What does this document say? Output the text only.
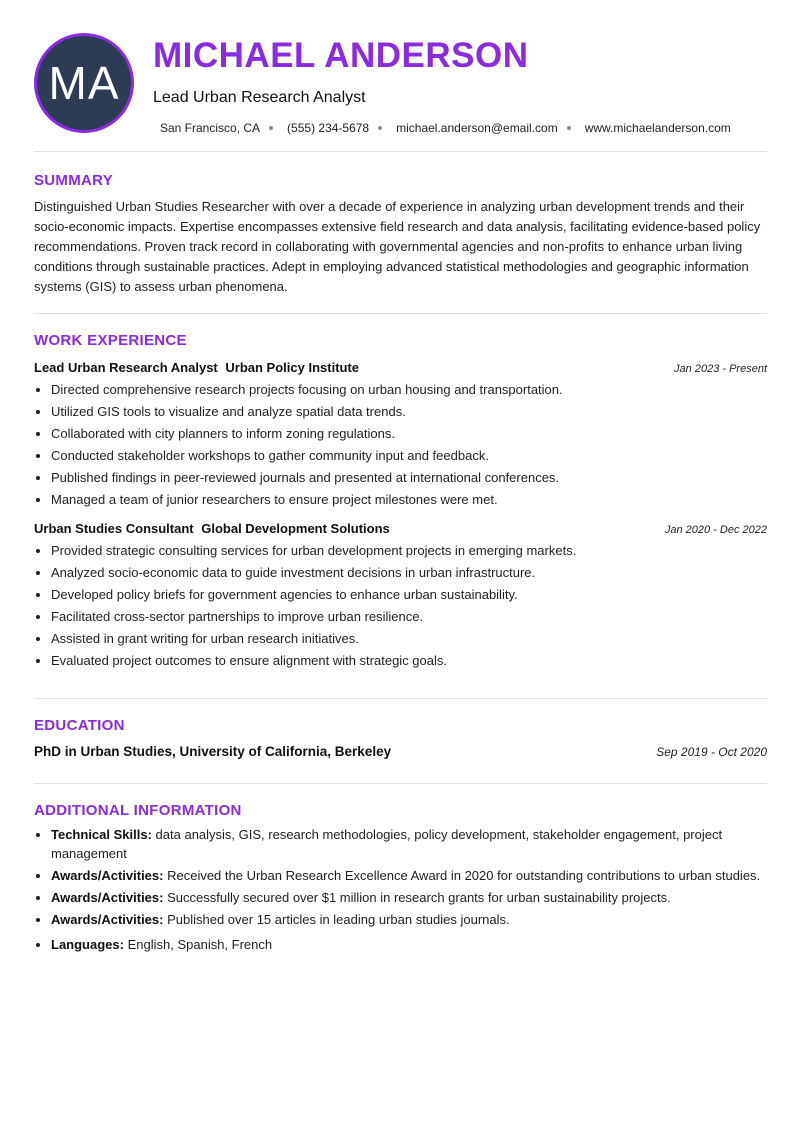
MA
MICHAEL ANDERSON
Lead Urban Research Analyst
San Francisco, CA (555) 234-5678 michael.anderson@email.com www.michaelanderson.com
SUMMARY

Distinguished Urban Studies Researcher with over a decade of experience in analyzing urban development trends and their socio-economic impacts. Expertise encompasses extensive field research and data analysis, facilitating evidence-based policy recommendations. Proven track record in collaborating with governmental agencies and non-profits to enhance urban living conditions through sustainable practices. Adept in employing advanced statistical methodologies and geographic information systems (GIS) to assess urban phenomena.

WORK EXPERIENCE
Lead Urban Research Analyst Urban Policy Institute	Jan 2023 - Present
• Directed comprehensive research projects focusing on urban housing and transportation.
• Utilized GIS tools to visualize and analyze spatial data trends.
• Collaborated with city planners to inform zoning regulations.
• Conducted stakeholder workshops to gather community input and feedback.
• Published findings in peer-reviewed journals and presented at international conferences.
• Managed a team of junior researchers to ensure project milestones were met.
Urban Studies Consultant Global Development Solutions	Jan 2020 - Dec 2022
• Provided strategic consulting services for urban development projects in emerging markets.
• Analyzed socio-economic data to guide investment decisions in urban infrastructure.
• Developed policy briefs for government agencies to enhance urban sustainability.
• Facilitated cross-sector partnerships to improve urban resilience.
• Assisted in grant writing for urban research initiatives.
• Evaluated project outcomes to ensure alignment with strategic goals.
EDUCATION
PhD in Urban Studies, University of California, Berkeley	Sep 2019 - Oct 2020
ADDITIONAL INFORMATION
• Technical Skills: data analysis, GIS, research methodologies, policy development, stakeholder engagement, project management
• Awards/Activities: Received the Urban Research Excellence Award in 2020 for outstanding contributions to urban studies.
• Awards/Activities: Successfully secured over $1 million in research grants for urban sustainability projects.
• Awards/Activities: Published over 15 articles in leading urban studies journals.
• Languages: English, Spanish, French
